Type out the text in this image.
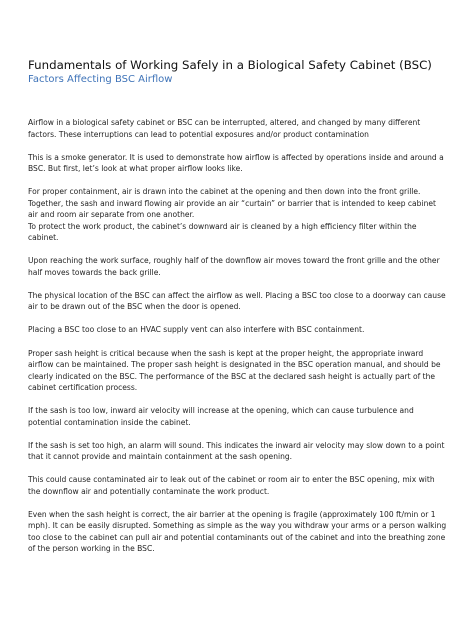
Fundamentals of Working Safely in a Biological Safety Cabinet (BSC)
Factors Affecting BSC Airflow

Airflow in a biological safety cabinet or BSC can be interrupted, altered, and changed by many different factors. These interruptions can lead to potential exposures and/or product contamination

This is a smoke generator. It is used to demonstrate how airflow is affected by operations inside and around a BSC. But first, let’s look at what proper airflow looks like.

For proper containment, air is drawn into the cabinet at the opening and then down into the front grille. Together, the sash and inward flowing air provide an air “curtain” or barrier that is intended to keep cabinet air and room air separate from one another.

To protect the work product, the cabinet’s downward air is cleaned by a high efficiency filter within the cabinet.

Upon reaching the work surface, roughly half of the downflow air moves toward the front grille and the other half moves towards the back grille.

The physical location of the BSC can affect the airflow as well. Placing a BSC too close to a doorway can cause air to be drawn out of the BSC when the door is opened.

Placing a BSC too close to an HVAC supply vent can also interfere with BSC containment.

Proper sash height is critical because when the sash is kept at the proper height, the appropriate inward airflow can be maintained. The proper sash height is designated in the BSC operation manual, and should be clearly indicated on the BSC. The performance of the BSC at the declared sash height is actually part of the cabinet certification process.

If the sash is too low, inward air velocity will increase at the opening, which can cause turbulence and potential contamination inside the cabinet.

If the sash is set too high, an alarm will sound. This indicates the inward air velocity may slow down to a point that it cannot provide and maintain containment at the sash opening.

This could cause contaminated air to leak out of the cabinet or room air to enter the BSC opening, mix with the downflow air and potentially contaminate the work product.

Even when the sash height is correct, the air barrier at the opening is fragile (approximately 100 ft/min or 1 mph). It can be easily disrupted. Something as simple as the way you withdraw your arms or a person walking too close to the cabinet can pull air and potential contaminants out of the cabinet and into the breathing zone of the person working in the BSC.
